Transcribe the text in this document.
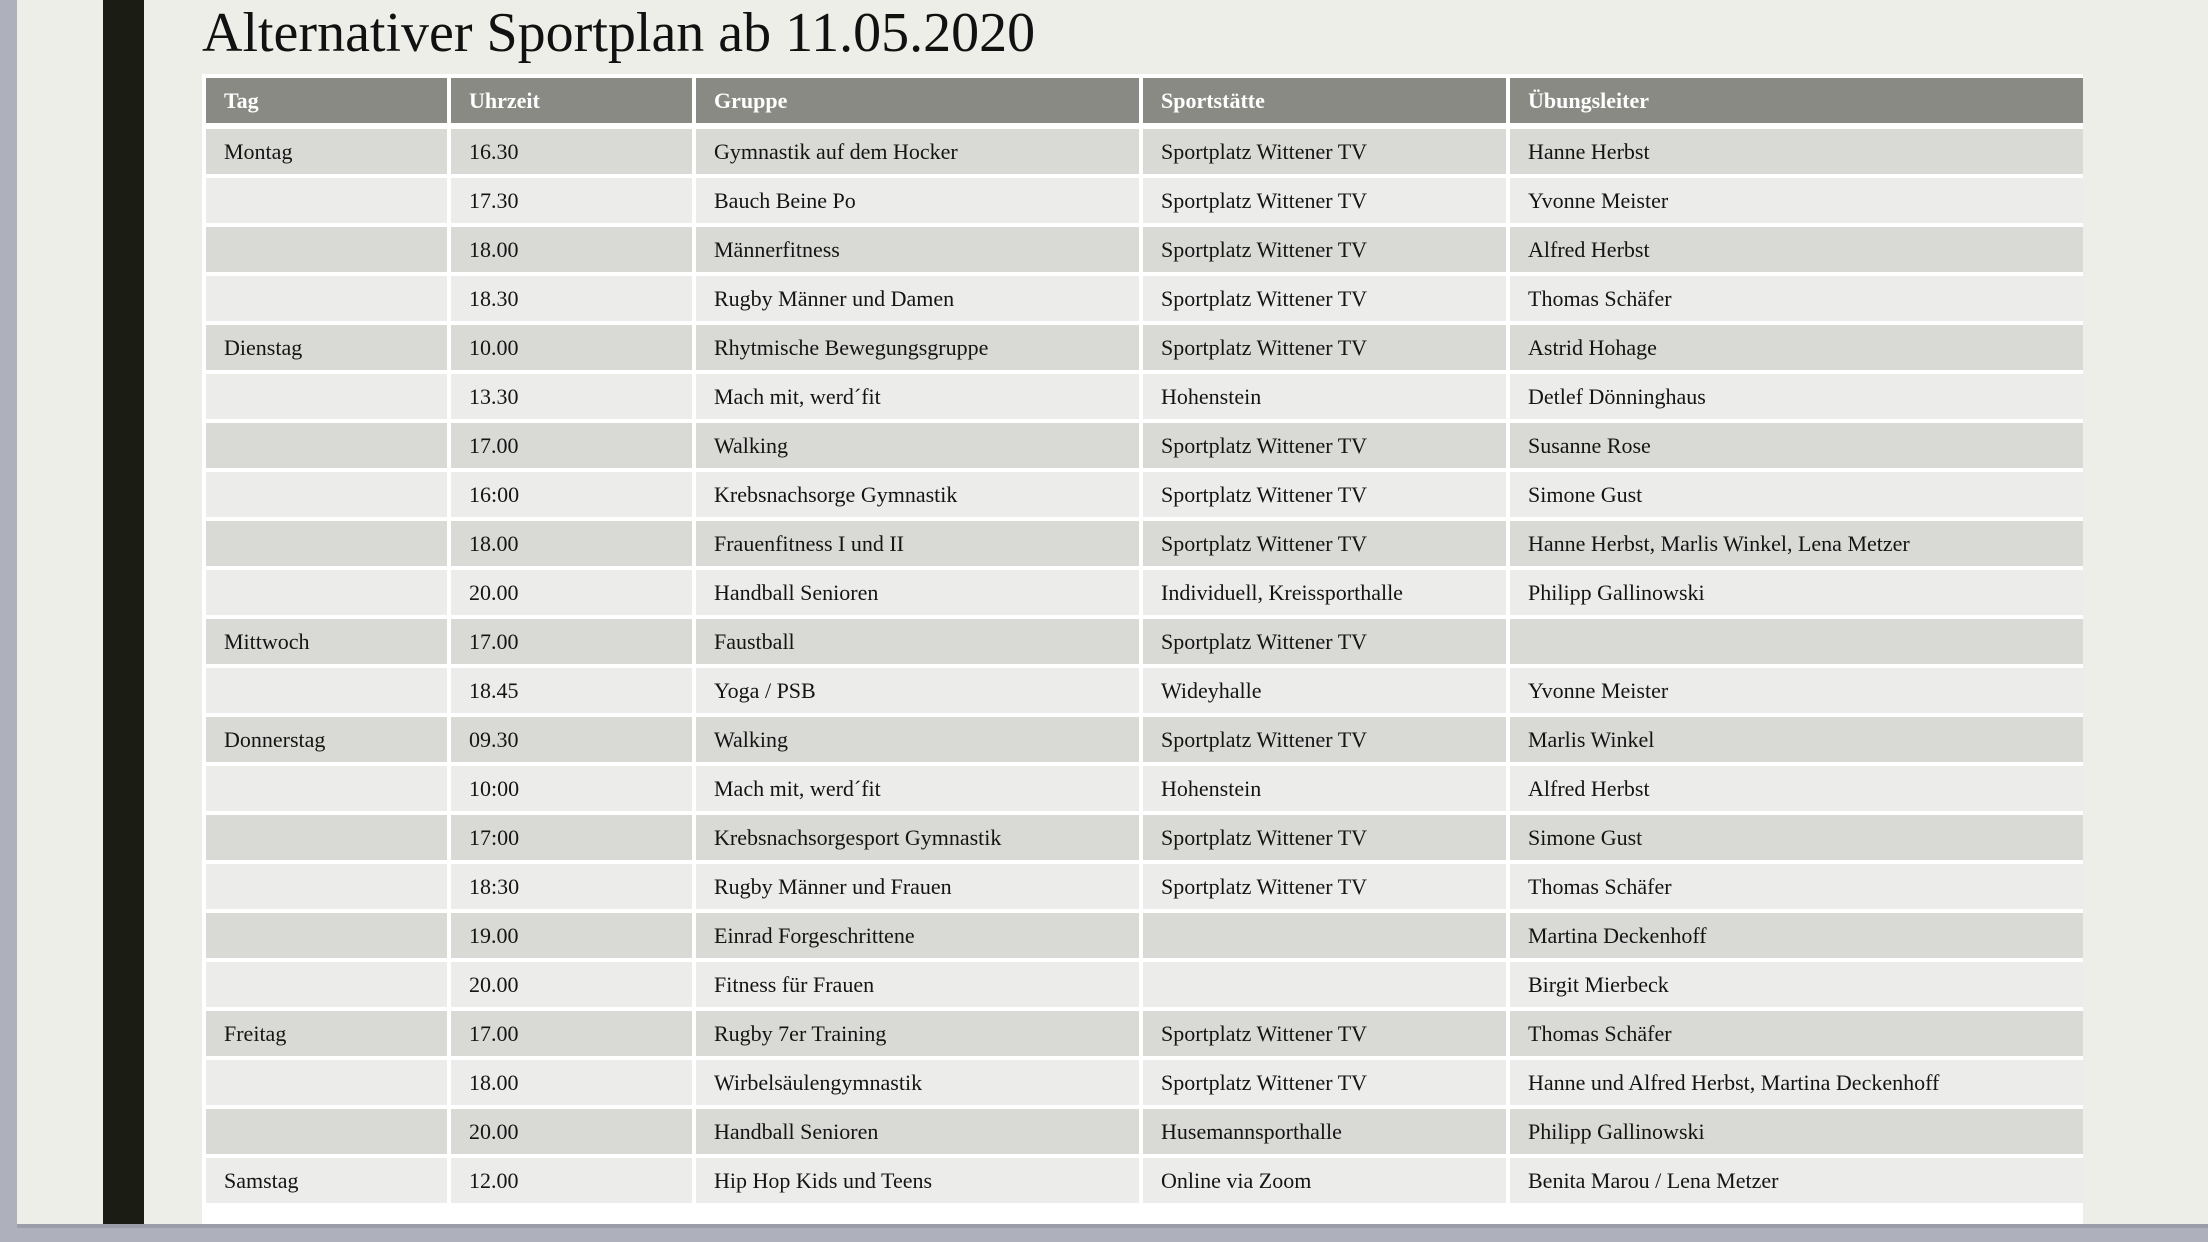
Alternativer Sportplan ab 11.05.2020
Tag	Uhrzeit	Gruppe	Sportstätte	Übungsleiter
Montag	16.30	Gymnastik auf dem Hocker	Sportplatz Wittener TV	Hanne Herbst
	17.30	Bauch Beine Po	Sportplatz Wittener TV	Yvonne Meister
	18.00	Männerfitness	Sportplatz Wittener TV	Alfred Herbst
	18.30	Rugby Männer und Damen	Sportplatz Wittener TV	Thomas Schäfer
Dienstag	10.00	Rhytmische Bewegungsgruppe	Sportplatz Wittener TV	Astrid Hohage
	13.30	Mach mit, werd´fit	Hohenstein	Detlef Dönninghaus
	17.00	Walking	Sportplatz Wittener TV	Susanne Rose
	16:00	Krebsnachsorge Gymnastik	Sportplatz Wittener TV	Simone Gust
	18.00	Frauenfitness I und II	Sportplatz Wittener TV	Hanne Herbst, Marlis Winkel, Lena Metzer
	20.00	Handball Senioren	Individuell, Kreissporthalle	Philipp Gallinowski
Mittwoch	17.00	Faustball	Sportplatz Wittener TV	
	18.45	Yoga / PSB	Wideyhalle	Yvonne Meister
Donnerstag	09.30	Walking	Sportplatz Wittener TV	Marlis Winkel
	10:00	Mach mit, werd´fit	Hohenstein	Alfred Herbst
	17:00	Krebsnachsorgesport Gymnastik	Sportplatz Wittener TV	Simone Gust
	18:30	Rugby Männer und Frauen	Sportplatz Wittener TV	Thomas Schäfer
	19.00	Einrad Forgeschrittene		Martina Deckenhoff
	20.00	Fitness für Frauen		Birgit Mierbeck
Freitag	17.00	Rugby 7er Training	Sportplatz Wittener TV	Thomas Schäfer
	18.00	Wirbelsäulengymnastik	Sportplatz Wittener TV	Hanne und Alfred Herbst, Martina Deckenhoff
	20.00	Handball Senioren	Husemannsporthalle	Philipp Gallinowski
Samstag	12.00	Hip Hop Kids und Teens	Online via Zoom	Benita Marou / Lena Metzer
